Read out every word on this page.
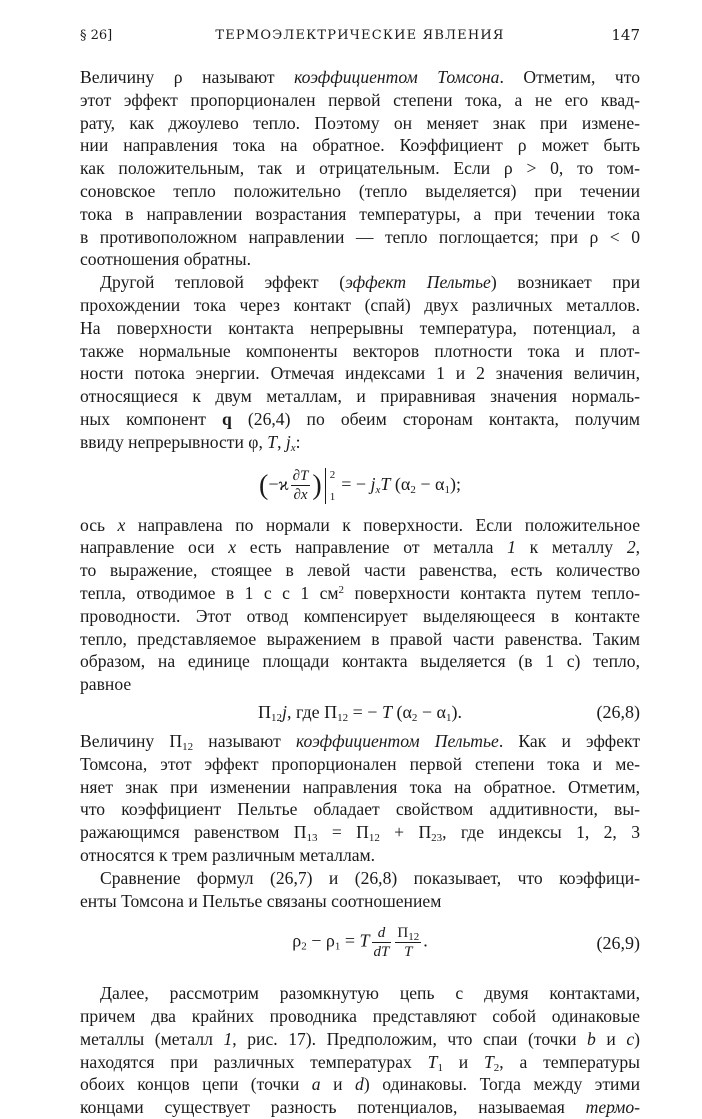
§ 26]	ТЕРМОЭЛЕКТРИЧЕСКИЕ ЯВЛЕНИЯ	147

Величину ρ называют коэффициентом Томсона. Отметим, что

этот эффект пропорционален первой степени тока, а не его квад-

рату, как джоулево тепло. Поэтому он меняет знак при измене-

нии направления тока на обратное. Коэффициент ρ может быть

как положительным, так и отрицательным. Если ρ > 0, то том-

соновское тепло положительно (тепло выделяется) при течении

тока в направлении возрастания температуры, а при течении тока

в противоположном направлении — тепло поглощается; при ρ < 0

соотношения обратны.

Другой тепловой эффект (эффект Пельтье) возникает при

прохождении тока через контакт (спай) двух различных металлов.

На поверхности контакта непрерывны температура, потенциал, а

также нормальные компоненты векторов плотности тока и плот-

ности потока энергии. Отмечая индексами 1 и 2 значения величин,

относящиеся к двум металлам, и приравнивая значения нормаль-

ных компонент q (26,4) по обеим сторонам контакта, получим

ввиду непрерывности φ, T, $j_x$:

($-ϰ \frac{\partial T}{\partial x}$ ) 2
1
= − $j_xT$ $(\alpha_2 - \alpha_1)$;

ось x направлена по нормали к поверхности. Если положительное

направление оси x есть направление от металла 1 к металлу 2,

то выражение, стоящее в левой части равенства, есть количество

тепла, отводимое в 1 с с 1 $см^2$ поверхности контакта путем тепло-

проводности. Этот отвод компенсирует выделяющееся в контакте

тепло, представляемое выражением в правой части равенства. Таким

образом, на единице площади контакта выделяется (в 1 с) тепло,

равное

$\Pi_{12}j$, где $\Pi_{12}$ = − T $(\alpha_2 - \alpha_1)$.	(26,8)

Величину $\Pi_{12}$ называют коэффициентом Пельтье. Как и эффект

Томсона, этот эффект пропорционален первой степени тока и ме-

няет знак при изменении направления тока на обратное. Отметим,

что коэффициент Пельтье обладает свойством аддитивности, вы-

ражающимся равенством $\Pi_{13} = \Pi_{12} + \Pi_{23}$, где индексы 1, 2, 3

относятся к трем различным металлам.

Сравнение формул (26,7) и (26,8) показывает, что коэффици-

енты Томсона и Пельтье связаны соотношением

$\rho_2 - \rho_1 = T \frac{d}{dT} \frac{\Pi_{12}}{T}$ .	(26,9)

Далее, рассмотрим разомкнутую цепь с двумя контактами,

причем два крайних проводника представляют собой одинаковые

металлы (металл 1, рис. 17). Предположим, что спаи (точки b и c)

находятся при различных температурах $T_1$ и $T_2$, а температуры

обоих концов цепи (точки a и d) одинаковы. Тогда между этими

концами существует разность потенциалов, называемая термо-
